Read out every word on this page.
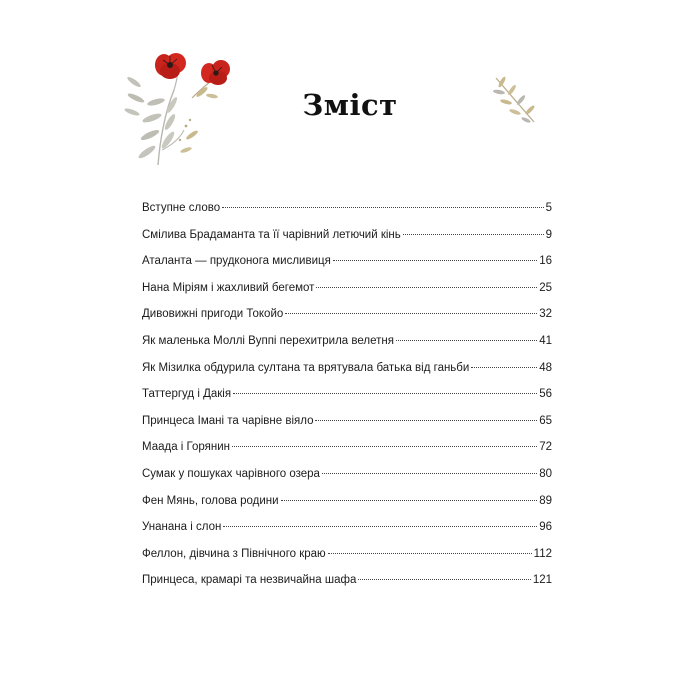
Зміст
Вступне слово	5
Смілива Брадаманта та її чарівний летючий кінь	9
Аталанта — прудконога мисливиця	16
Нана Міріям і жахливий бегемот	25
Дивовижні пригоди Токойо	32
Як маленька Моллі Вуппі перехитрила велетня	41
Як Мізилка обдурила султана та врятувала батька від ганьби	48
Таттергуд і Дакія	56
Принцеса Імані та чарівне віяло	65
Маада і Горянин	72
Сумак у пошуках чарівного озера	80
Фен Мянь, голова родини	89
Унанана і слон	96
Феллон, дівчина з Північного краю	112
Принцеса, крамарі та незвичайна шафа	121
